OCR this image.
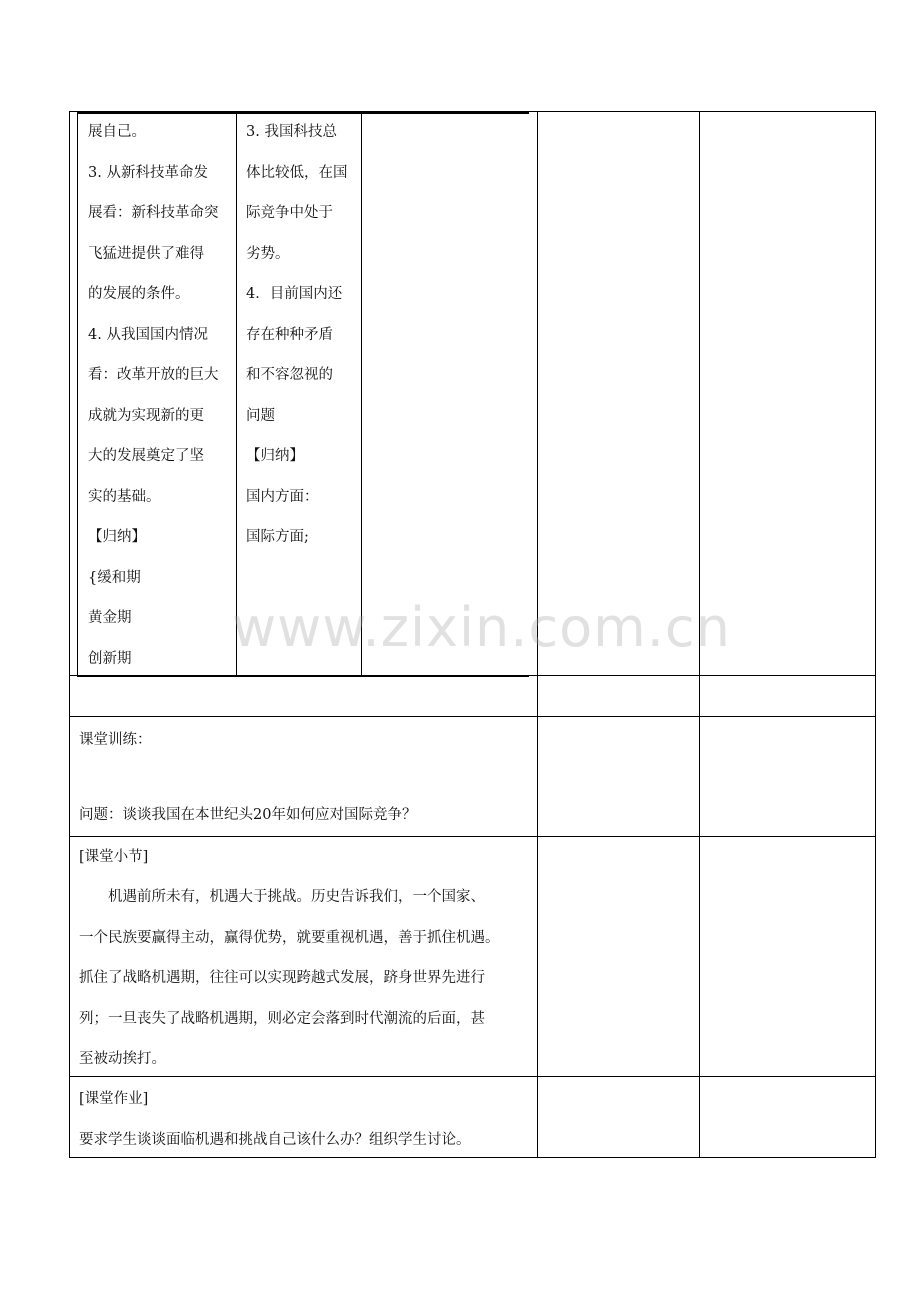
展自己。
3. 从新科技革命发
展看：新科技革命突
飞猛进提供了难得
的发展的条件。
4. 从我国国内情况
看：改革开放的巨大
成就为实现新的更
大的发展奠定了坚
实的基础。
【归纳】
{缓和期
黄金期
创新期
3. 我国科技总
体比较低，在国
际竞争中处于
劣势。
4．目前国内还
存在种种矛盾
和不容忽视的
问题
【归纳】
国内方面：
国际方面;
课堂训练：
问题：谈谈我国在本世纪头20年如何应对国际竞争？
[课堂小节]
机遇前所未有，机遇大于挑战。历史告诉我们，一个国家、
一个民族要赢得主动，赢得优势，就要重视机遇，善于抓住机遇。
抓住了战略机遇期，往往可以实现跨越式发展，跻身世界先进行
列；一旦丧失了战略机遇期，则必定会落到时代潮流的后面，甚
至被动挨打。
[课堂作业]
要求学生谈谈面临机遇和挑战自己该什么办？组织学生讨论。
www.zixin.com.cn
